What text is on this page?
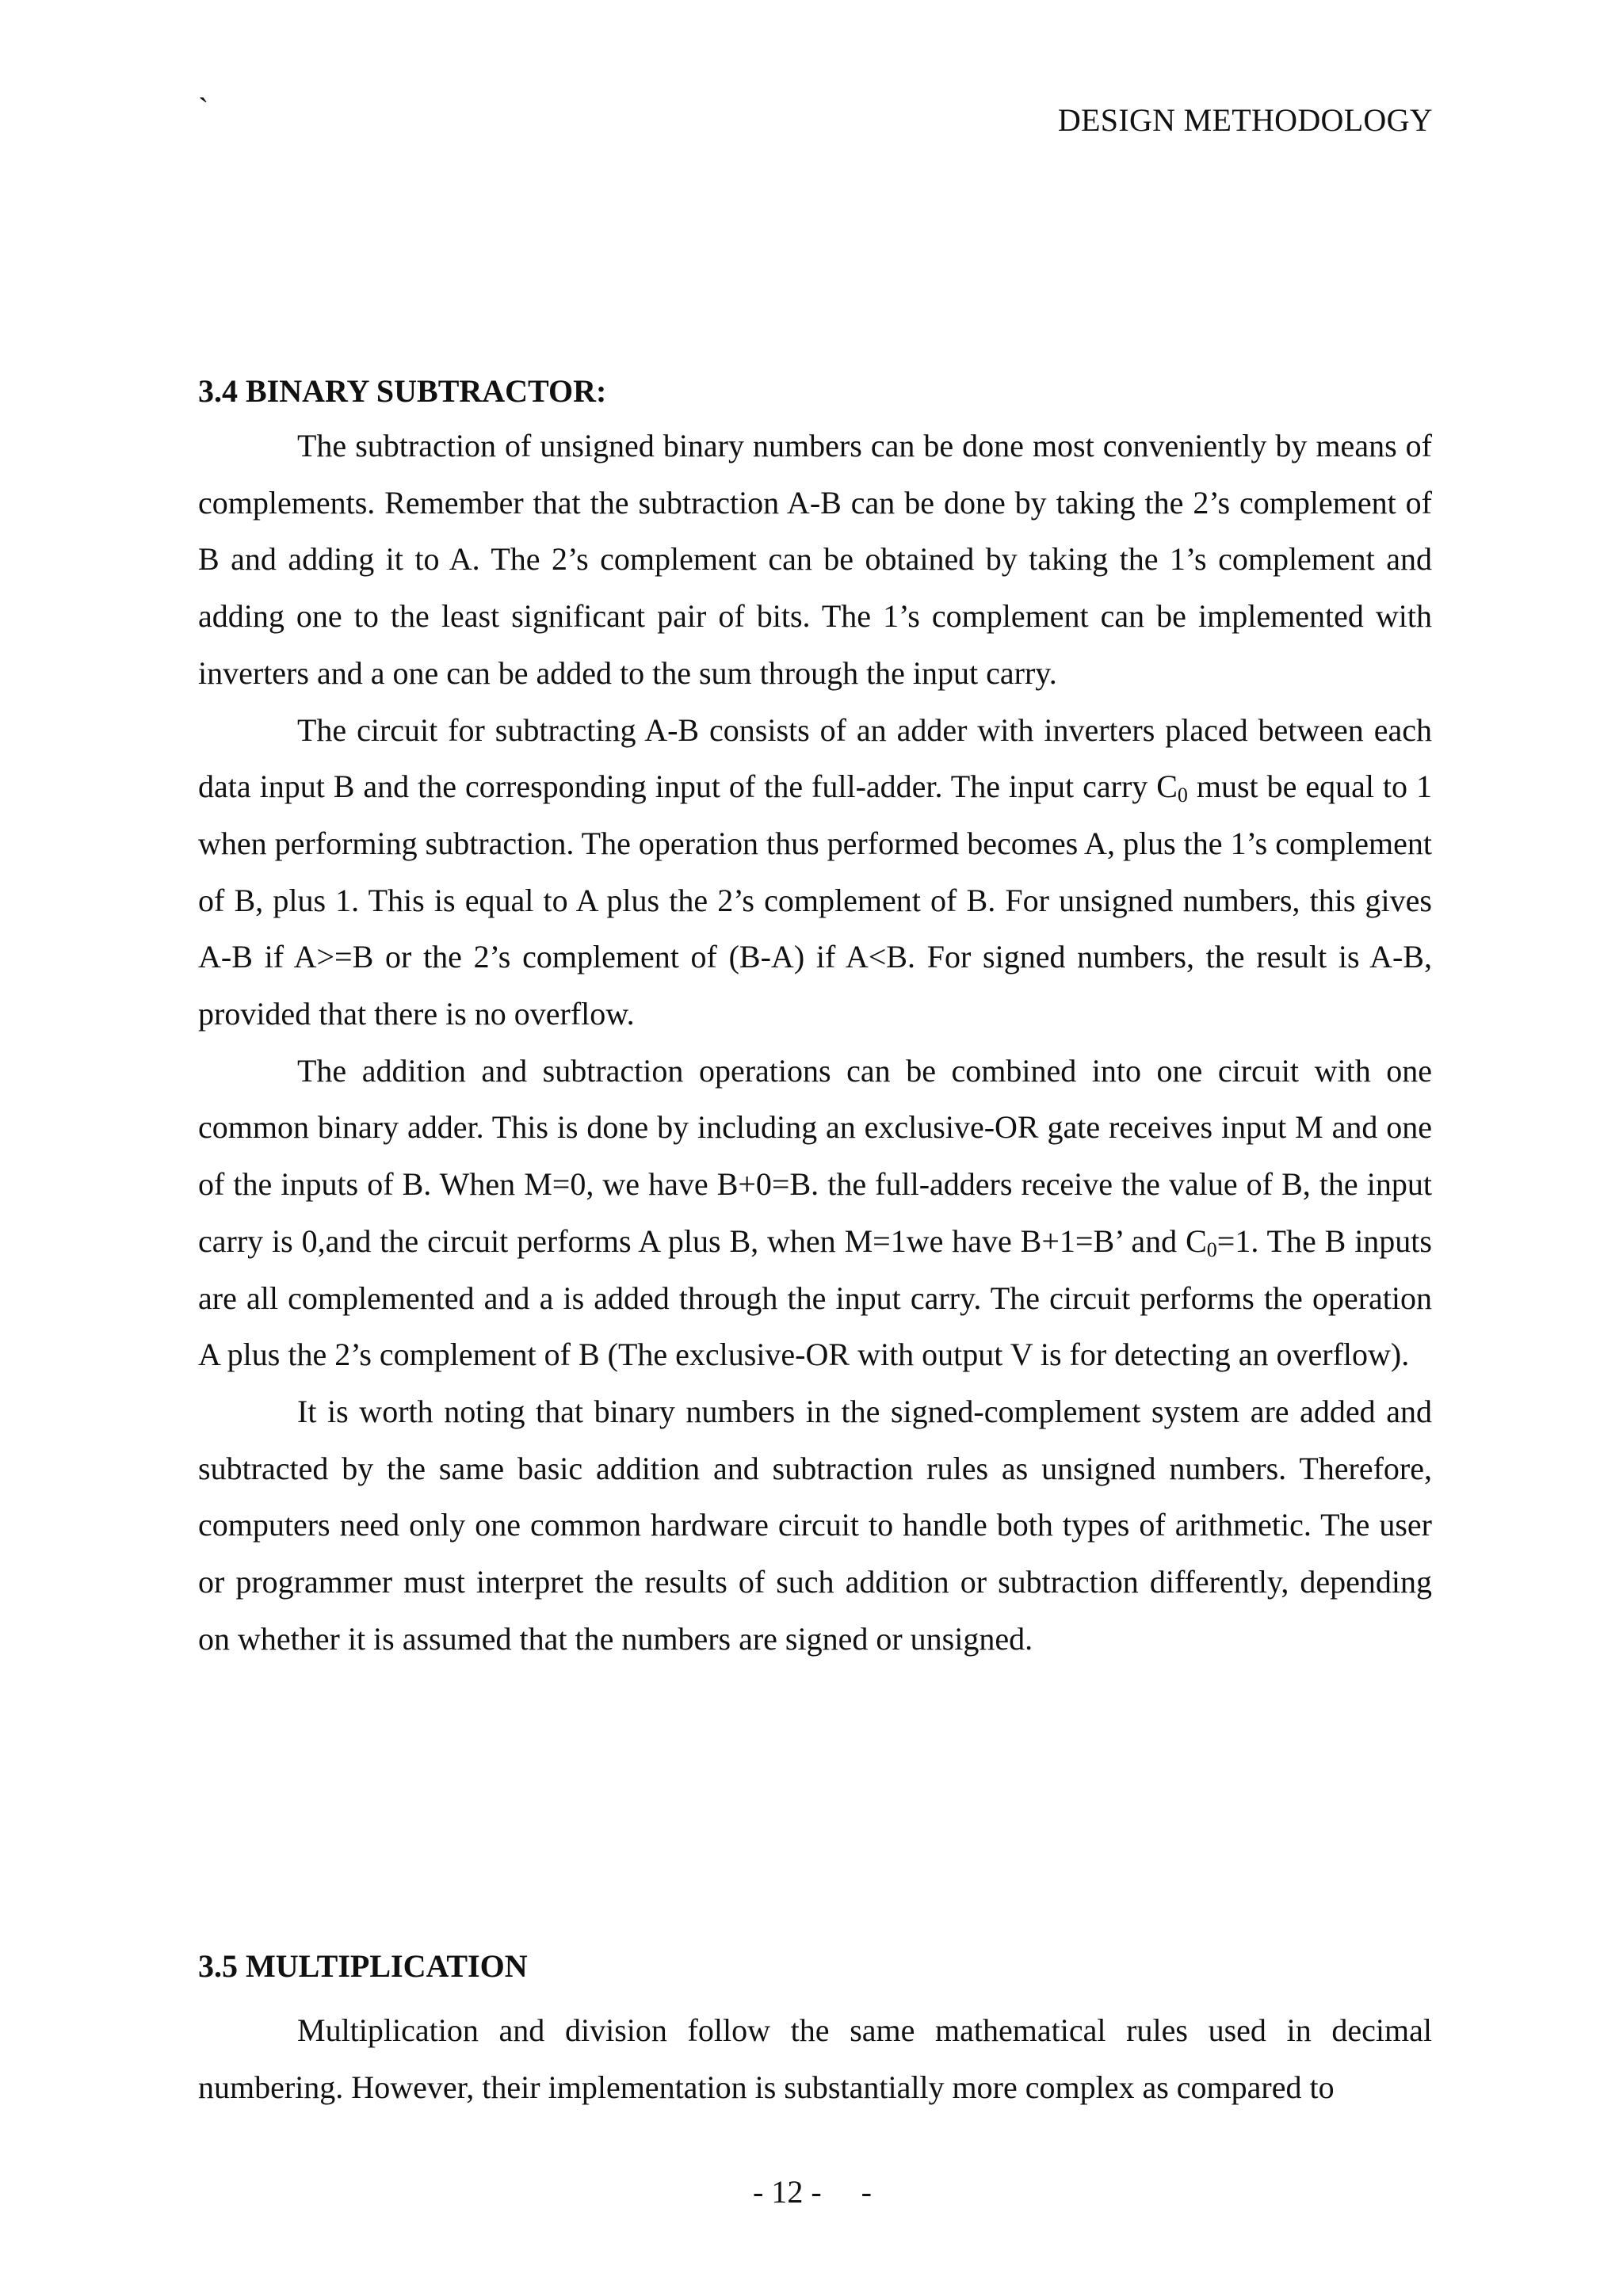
`	DESIGN METHODOLOGY
3.4 BINARY SUBTRACTOR:

The subtraction of unsigned binary numbers can be done most conveniently by means of complements. Remember that the subtraction A-B can be done by taking the 2’s complement of B and adding it to A. The 2’s complement can be obtained by taking the 1’s complement and adding one to the least significant pair of bits. The 1’s complement can be implemented with inverters and a one can be added to the sum through the input carry.

The circuit for subtracting A-B consists of an adder with inverters placed between each data input B and the corresponding input of the full-adder. The input carry $C_0$ must be equal to 1 when performing subtraction. The operation thus performed becomes A, plus the 1’s complement of B, plus 1. This is equal to A plus the 2’s complement of B. For unsigned numbers, this gives A-B if A>=B or the 2’s complement of (B-A) if A<B. For signed numbers, the result is A-B, provided that there is no overflow.

The addition and subtraction operations can be combined into one circuit with one common binary adder. This is done by including an exclusive-OR gate receives input M and one of the inputs of B. When M=0, we have B+0=B. the full-adders receive the value of B, the input carry is 0,and the circuit performs A plus B, when M=1we have B+1=B’ and $C_0=1$. The B inputs are all complemented and a is added through the input carry. The circuit performs the operation A plus the 2’s complement of B (The exclusive-OR with output V is for detecting an overflow).

It is worth noting that binary numbers in the signed-complement system are added and subtracted by the same basic addition and subtraction rules as unsigned numbers. Therefore, computers need only one common hardware circuit to handle both types of arithmetic. The user or programmer must interpret the results of such addition or subtraction differently, depending on whether it is assumed that the numbers are signed or unsigned.

3.5 MULTIPLICATION

Multiplication and division follow the same mathematical rules used in decimal numbering. However, their implementation is substantially more complex as compared to

- 12 -     -
